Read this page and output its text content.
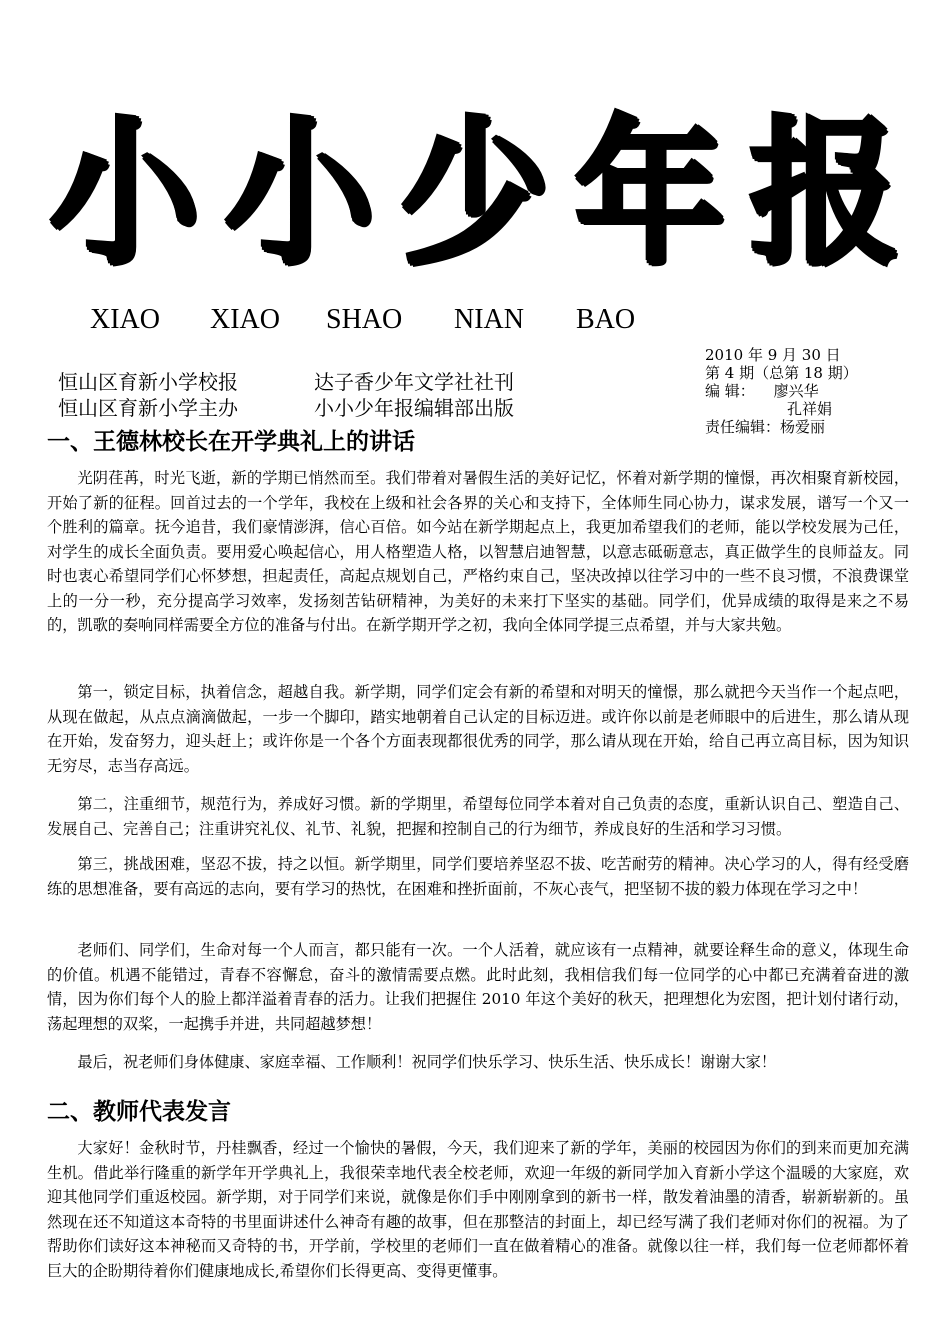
小 小 少 年 报
XIAO XIAO SHAO NIAN BAO
恒山区育新小学校报
恒山区育新小学主办
达子香少年文学社社刊
小小少年报编辑部出版
2010 年 9 月 30 日
第 4 期（总第 18 期）
编 辑： 廖兴华
孔祥娟
责任编辑：杨爱丽
一、王德林校长在开学典礼上的讲话

光阴荏苒，时光飞逝，新的学期已悄然而至。我们带着对暑假生活的美好记忆，怀着对新学期的憧憬，再次相聚育新校园，开始了新的征程。回首过去的一个学年，我校在上级和社会各界的关心和支持下，全体师生同心协力，谋求发展，谱写一个又一个胜利的篇章。抚今追昔，我们豪情澎湃，信心百倍。如今站在新学期起点上，我更加希望我们的老师，能以学校发展为己任，对学生的成长全面负责。要用爱心唤起信心，用人格塑造人格，以智慧启迪智慧，以意志砥砺意志，真正做学生的良师益友。同时也衷心希望同学们心怀梦想，担起责任，高起点规划自己，严格约束自己，坚决改掉以往学习中的一些不良习惯，不浪费课堂上的一分一秒，充分提高学习效率，发扬刻苦钻研精神，为美好的未来打下坚实的基础。同学们，优异成绩的取得是来之不易的，凯歌的奏响同样需要全方位的准备与付出。在新学期开学之初，我向全体同学提三点希望，并与大家共勉。

第一，锁定目标，执着信念，超越自我。新学期，同学们定会有新的希望和对明天的憧憬，那么就把今天当作一个起点吧，从现在做起，从点点滴滴做起，一步一个脚印，踏实地朝着自己认定的目标迈进。或许你以前是老师眼中的后进生，那么请从现在开始，发奋努力，迎头赶上；或许你是一个各个方面表现都很优秀的同学，那么请从现在开始，给自己再立高目标，因为知识无穷尽，志当存高远。

第二，注重细节，规范行为，养成好习惯。新的学期里，希望每位同学本着对自己负责的态度，重新认识自己、塑造自己、发展自己、完善自己；注重讲究礼仪、礼节、礼貌，把握和控制自己的行为细节，养成良好的生活和学习习惯。

第三，挑战困难，坚忍不拔，持之以恒。新学期里，同学们要培养坚忍不拔、吃苦耐劳的精神。决心学习的人，得有经受磨练的思想准备，要有高远的志向，要有学习的热忱，在困难和挫折面前，不灰心丧气，把坚韧不拔的毅力体现在学习之中！

老师们、同学们，生命对每一个人而言，都只能有一次。一个人活着，就应该有一点精神，就要诠释生命的意义，体现生命的价值。机遇不能错过，青春不容懈怠，奋斗的激情需要点燃。此时此刻，我相信我们每一位同学的心中都已充满着奋进的激情，因为你们每个人的脸上都洋溢着青春的活力。让我们把握住 2010 年这个美好的秋天，把理想化为宏图，把计划付诸行动，荡起理想的双桨，一起携手并进，共同超越梦想！

最后，祝老师们身体健康、家庭幸福、工作顺利！祝同学们快乐学习、快乐生活、快乐成长！谢谢大家！

二、教师代表发言

大家好！金秋时节，丹桂飘香，经过一个愉快的暑假，今天，我们迎来了新的学年，美丽的校园因为你们的到来而更加充满生机。借此举行隆重的新学年开学典礼上，我很荣幸地代表全校老师，欢迎一年级的新同学加入育新小学这个温暖的大家庭，欢迎其他同学们重返校园。新学期，对于同学们来说，就像是你们手中刚刚拿到的新书一样，散发着油墨的清香，崭新崭新的。虽然现在还不知道这本奇特的书里面讲述什么神奇有趣的故事，但在那整洁的封面上，却已经写满了我们老师对你们的祝福。为了帮助你们读好这本神秘而又奇特的书，开学前，学校里的老师们一直在做着精心的准备。就像以往一样，我们每一位老师都怀着巨大的企盼期待着你们健康地成长,希望你们长得更高、变得更懂事。
